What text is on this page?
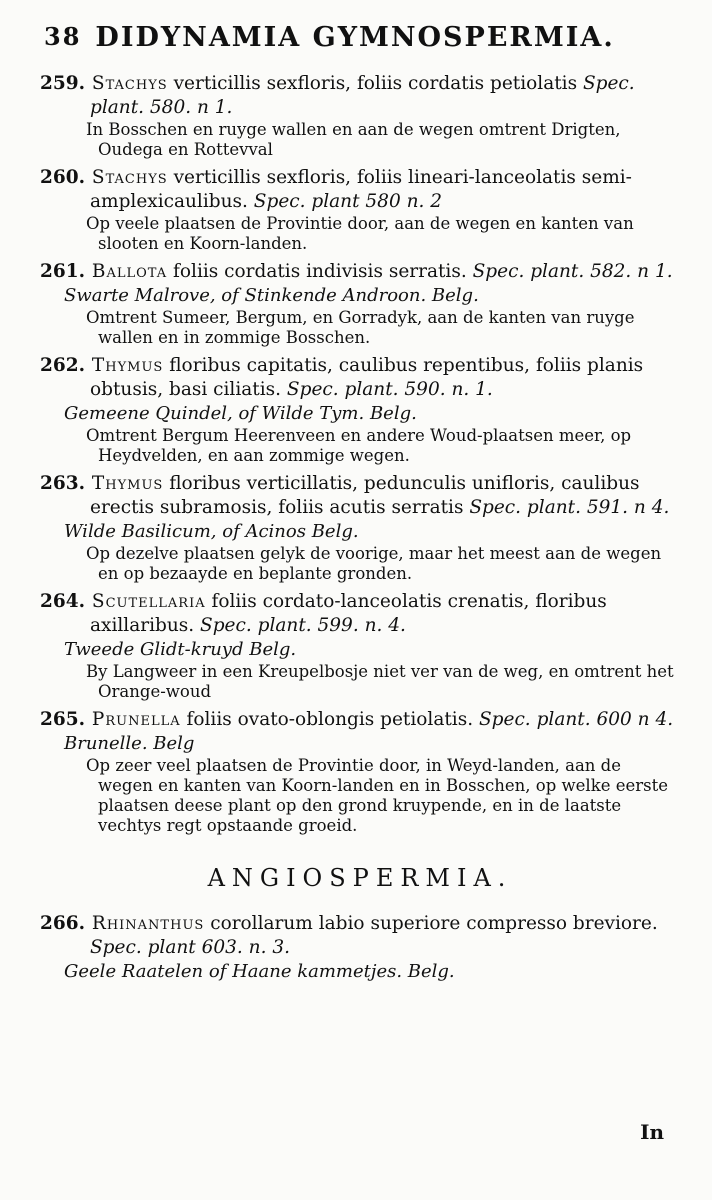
38 DIDYNAMIA GYMNOSPERMIA.

259. Stachys verticillis sexfloris, foliis cordatis petiolatis Spec. plant. 580. n 1.

In Bosschen en ruyge wallen en aan de wegen omtrent Drigten, Oudega en Rottevval

260. Stachys verticillis sexfloris, foliis lineari-lanceolatis semi-amplexicaulibus. Spec. plant 580 n. 2

Op veele plaatsen de Provintie door, aan de wegen en kanten van slooten en Koorn-landen.

261. Ballota foliis cordatis indivisis serratis. Spec. plant. 582. n 1.

Swarte Malrove, of Stinkende Androon. Belg.

Omtrent Sumeer, Bergum, en Gorradyk, aan de kanten van ruyge wallen en in zommige Bosschen.

262. Thymus floribus capitatis, caulibus repentibus, foliis planis obtusis, basi ciliatis. Spec. plant. 590. n. 1.

Gemeene Quindel, of Wilde Tym. Belg.

Omtrent Bergum Heerenveen en andere Woud-plaatsen meer, op Heydvelden, en aan zommige wegen.

263. Thymus floribus verticillatis, pedunculis unifloris, caulibus erectis subramosis, foliis acutis serratis Spec. plant. 591. n 4.

Wilde Basilicum, of Acinos Belg.

Op dezelve plaatsen gelyk de voorige, maar het meest aan de wegen en op bezaayde en beplante gronden.

264. Scutellaria foliis cordato-lanceolatis crenatis, floribus axillaribus. Spec. plant. 599. n. 4.

Tweede Glidt-kruyd Belg.

By Langweer in een Kreupelbosje niet ver van de weg, en omtrent het Orange-woud

265. Prunella foliis ovato-oblongis petiolatis. Spec. plant. 600 n 4.

Brunelle. Belg

Op zeer veel plaatsen de Provintie door, in Weyd-landen, aan de wegen en kanten van Koorn-landen en in Bosschen, op welke eerste plaatsen deese plant op den grond kruypende, en in de laatste vechtys regt opstaande groeid.

ANGIOSPERMIA.

266. Rhinanthus corollarum labio superiore compresso breviore. Spec. plant 603. n. 3.

Geele Raatelen of Haane kammetjes. Belg.

In
